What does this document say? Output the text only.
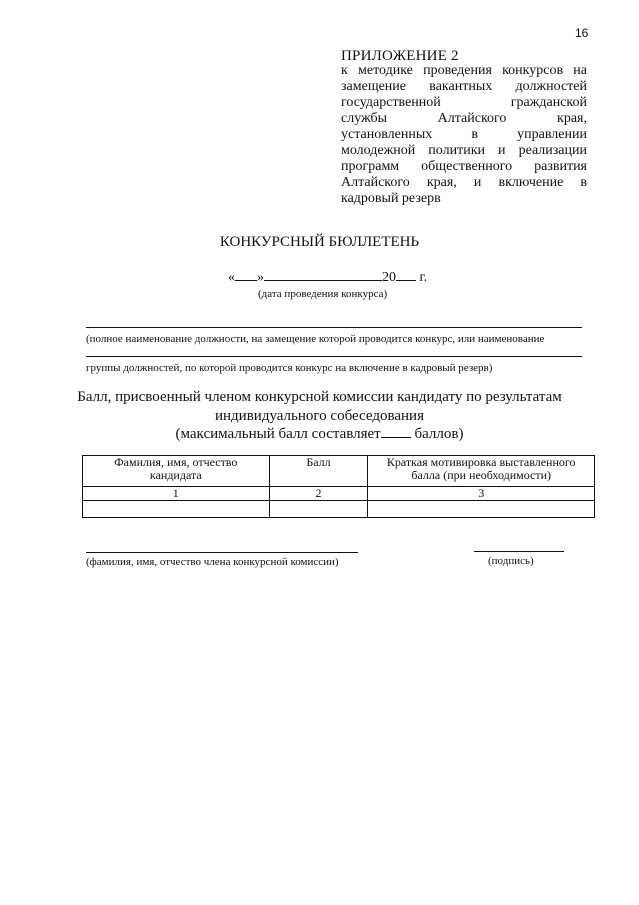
16
ПРИЛОЖЕНИЕ 2
к методике проведения конкурсов на
замещение вакантных должностей
государственной гражданской
службы Алтайского края,
установленных в управлении
молодежной политики и реализации
программ общественного развития
Алтайского края, и включение в
кадровый резерв
КОНКУРСНЫЙ БЮЛЛЕТЕНЬ
« »	20 г.
(дата проведения конкурса)
(полное наименование должности, на замещение которой проводится конкурс, или наименование
группы должностей, по которой проводится конкурс на включение в кадровый резерв)
Балл, присвоенный членом конкурсной комиссии кандидату по результатам
индивидуального собеседования
(максимальный балл составляет баллов)
Фамилия, имя, отчество кандидата	Балл	Краткая мотивировка выставленного балла (при необходимости)
1	2	3

(фамилия, имя, отчество члена конкурсной комиссии)	(подпись)
